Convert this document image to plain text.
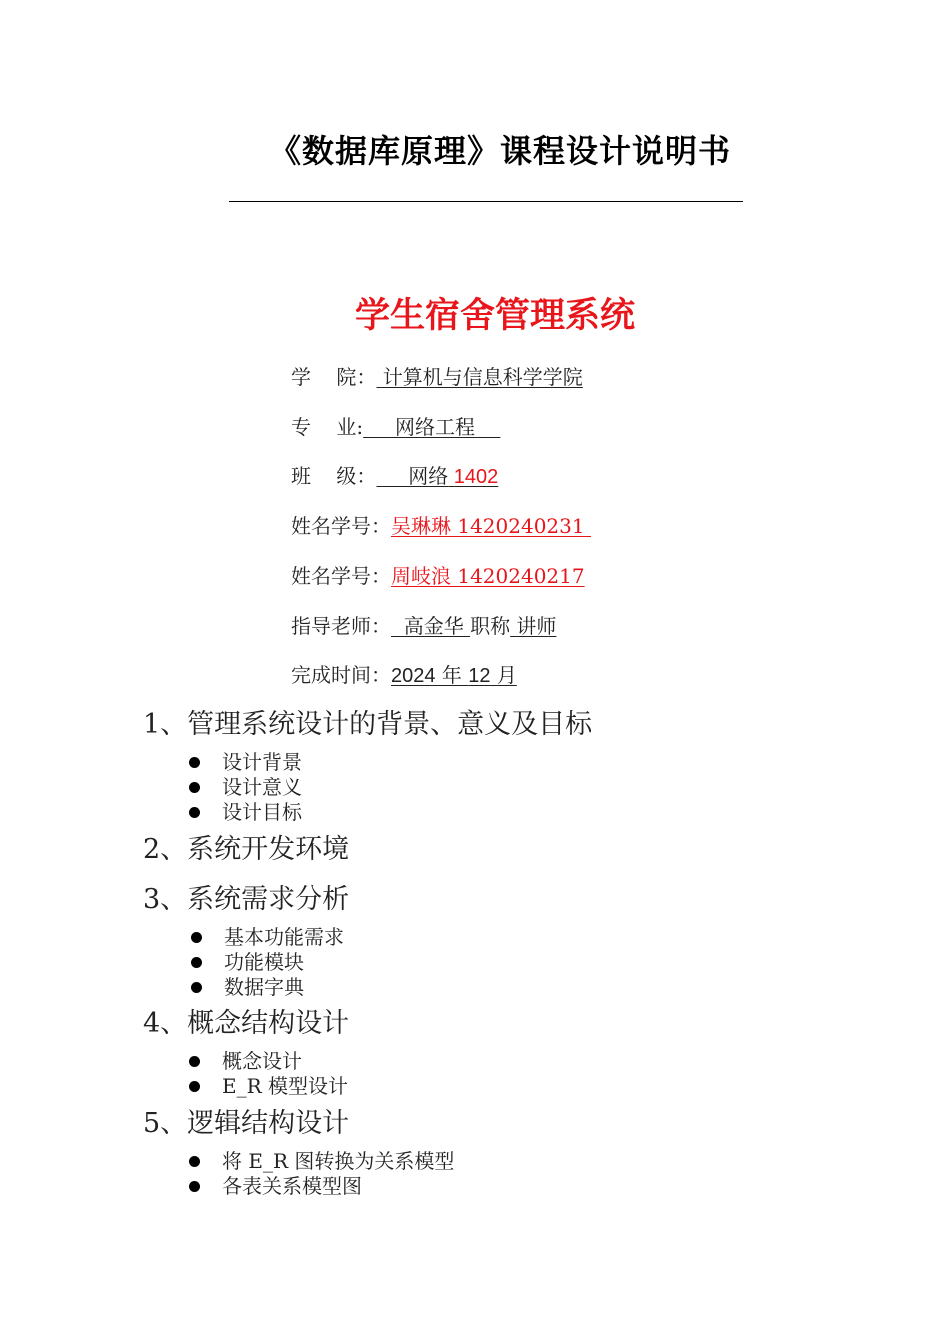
《数据库原理》课程设计说明书
学生宿舍管理系统
学    院： 计算机与信息科学学院
专    业:     网络工程
班    级：     网络 1402
姓名学号：吴琳琳 1420240231
姓名学号：周岐浪 1420240217
指导老师：  高金华 职称 讲师
完成时间：2024 年 12 月
1、管理系统设计的背景、意义及目标
设计背景
设计意义
设计目标
2、系统开发环境
3、系统需求分析
基本功能需求
功能模块
数据字典
4、概念结构设计
概念设计
E_R 模型设计
5、逻辑结构设计
将 E_R 图转换为关系模型
各表关系模型图
